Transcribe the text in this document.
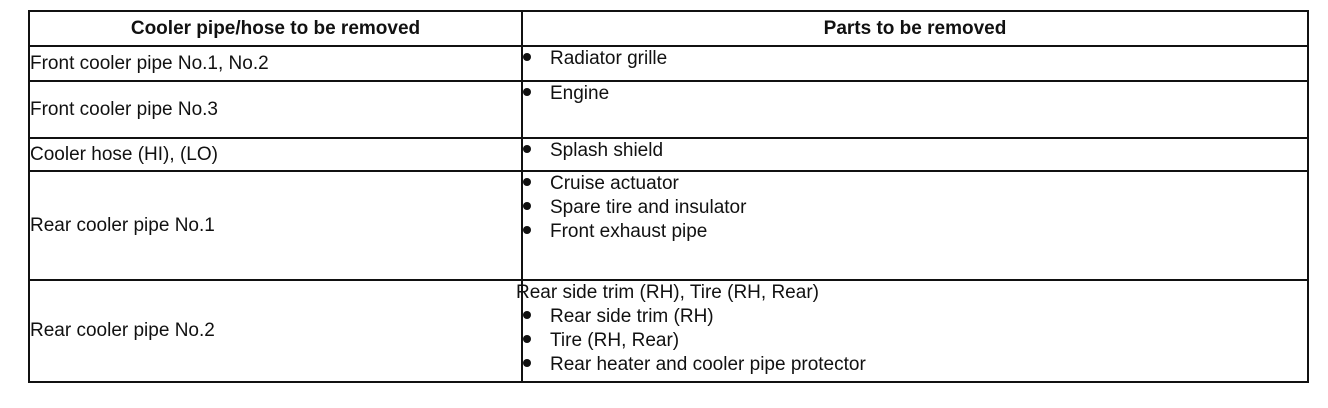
Cooler pipe/hose to be removed	Parts to be removed
Front cooler pipe No.1, No.2	Radiator grille

Front cooler pipe No.3	Engine

Cooler hose (HI), (LO)	Splash shield

Rear cooler pipe No.1	Cruise actuator
Spare tire and insulator
Front exhaust pipe

Rear cooler pipe No.2	Rear side trim (RH), Tire (RH, Rear)
Rear side trim (RH)
Tire (RH, Rear)
Rear heater and cooler pipe protector
